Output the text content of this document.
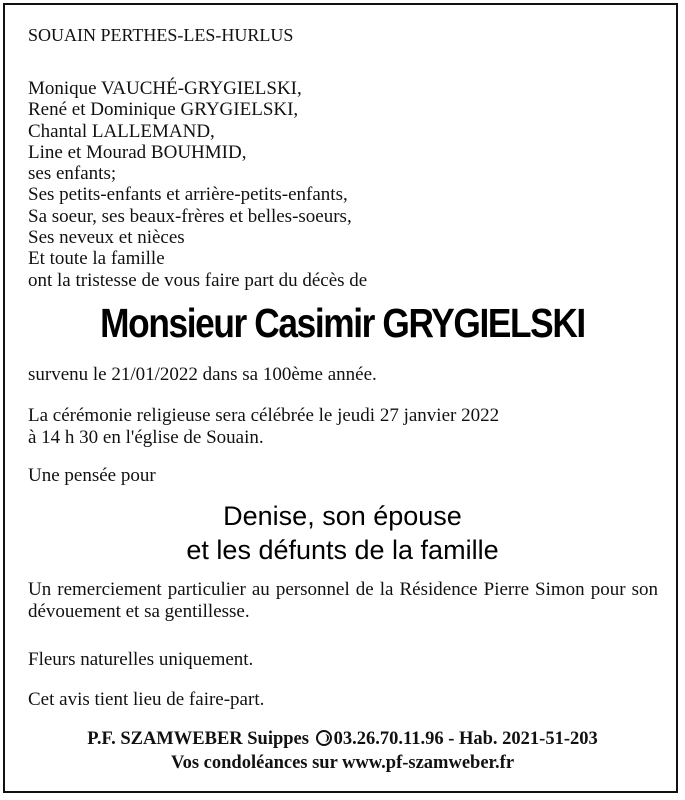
SOUAIN PERTHES-LES-HURLUS
Monique VAUCHÉ-GRYGIELSKI,
René et Dominique GRYGIELSKI,
Chantal LALLEMAND,
Line et Mourad BOUHMID,
ses enfants;
Ses petits-enfants et arrière-petits-enfants,
Sa soeur, ses beaux-frères et belles-soeurs,
Ses neveux et nièces
Et toute la famille
ont la tristesse de vous faire part du décès de
Monsieur Casimir GRYGIELSKI
survenu le 21/01/2022 dans sa 100ème année.
La cérémonie religieuse sera célébrée le jeudi 27 janvier 2022
à 14 h 30 en l'église de Souain.
Une pensée pour
Denise, son épouse
et les défunts de la famille
Un remerciement particulier au personnel de la Résidence Pierre Simon pour son dévouement et sa gentillesse.
Fleurs naturelles uniquement.
Cet avis tient lieu de faire-part.
P.F. SZAMWEBER Suippes 03.26.70.11.96 - Hab. 2021-51-203
Vos condoléances sur www.pf-szamweber.fr
